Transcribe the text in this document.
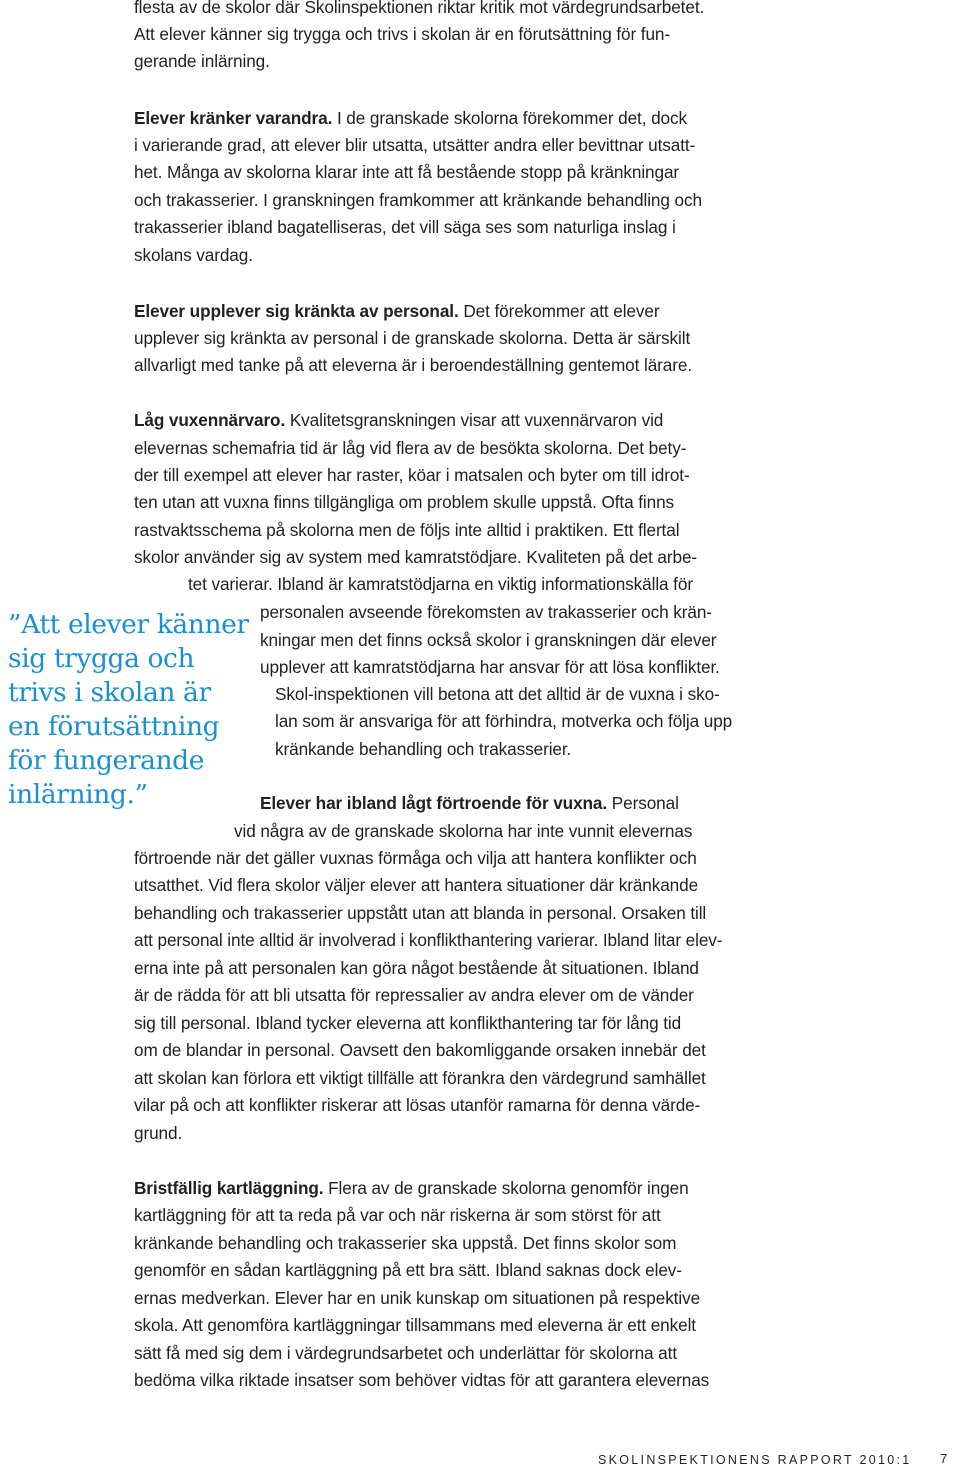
flesta av de skolor där Skolinspektionen riktar kritik mot värdegrundsarbetet.
Att elever känner sig trygga och trivs i skolan är en förutsättning för fun-
gerande inlärning.
Elever kränker varandra. I de granskade skolorna förekommer det, dock
i varierande grad, att elever blir utsatta, utsätter andra eller bevittnar utsatt-
het. Många av skolorna klarar inte att få bestående stopp på kränkningar
och trakasserier. I granskningen framkommer att kränkande behandling och
trakasserier ibland bagatelliseras, det vill säga ses som naturliga inslag i
skolans vardag.
Elever upplever sig kränkta av personal. Det förekommer att elever
upplever sig kränkta av personal i de granskade skolorna. Detta är särskilt
allvarligt med tanke på att eleverna är i beroendeställning gentemot lärare.
Låg vuxennärvaro. Kvalitetsgranskningen visar att vuxennärvaron vid
elevernas schemafria tid är låg vid flera av de besökta skolorna. Det bety-
der till exempel att elever har raster, köar i matsalen och byter om till idrot-
ten utan att vuxna finns tillgängliga om problem skulle uppstå. Ofta finns
rastvaktsschema på skolorna men de följs inte alltid i praktiken. Ett flertal
skolor använder sig av system med kamratstödjare. Kvaliteten på det arbe-
tet varierar. Ibland är kamratstödjarna en viktig informationskälla för
personalen avseende förekomsten av trakasserier och krän-
kningar men det finns också skolor i granskningen där elever
upplever att kamratstödjarna har ansvar för att lösa konflikter.
Skol-inspektionen vill betona att det alltid är de vuxna i sko-
lan som är ansvariga för att förhindra, motverka och följa upp
kränkande behandling och trakasserier.

”Att elever känner
sig trygga och
trivs i skolan är
en förutsättning
för fungerande
inlärning.”	Elever har ibland lågt förtroende för vuxna. Personal
vid några av de granskade skolorna har inte vunnit elevernas
förtroende när det gäller vuxnas förmåga och vilja att hantera konflikter och
utsatthet. Vid flera skolor väljer elever att hantera situationer där kränkande
behandling och trakasserier uppstått utan att blanda in personal. Orsaken till
att personal inte alltid är involverad i konflikthantering varierar. Ibland litar elev-
erna inte på att personalen kan göra något bestående åt situationen. Ibland
är de rädda för att bli utsatta för repressalier av andra elever om de vänder
sig till personal. Ibland tycker eleverna att konflikthantering tar för lång tid
om de blandar in personal. Oavsett den bakomliggande orsaken innebär det
att skolan kan förlora ett viktigt tillfälle att förankra den värdegrund samhället
vilar på och att konflikter riskerar att lösas utanför ramarna för denna värde-
grund.
Bristfällig kartläggning. Flera av de granskade skolorna genomför ingen
kartläggning för att ta reda på var och när riskerna är som störst för att
kränkande behandling och trakasserier ska uppstå. Det finns skolor som
genomför en sådan kartläggning på ett bra sätt. Ibland saknas dock elev-
ernas medverkan. Elever har en unik kunskap om situationen på respektive
skola. Att genomföra kartläggningar tillsammans med eleverna är ett enkelt
sätt få med sig dem i värdegrundsarbetet och underlättar för skolorna att
bedöma vilka riktade insatser som behöver vidtas för att garantera elevernas
SKOLINSPEKTIONENS RAPPORT 2010:1 7
